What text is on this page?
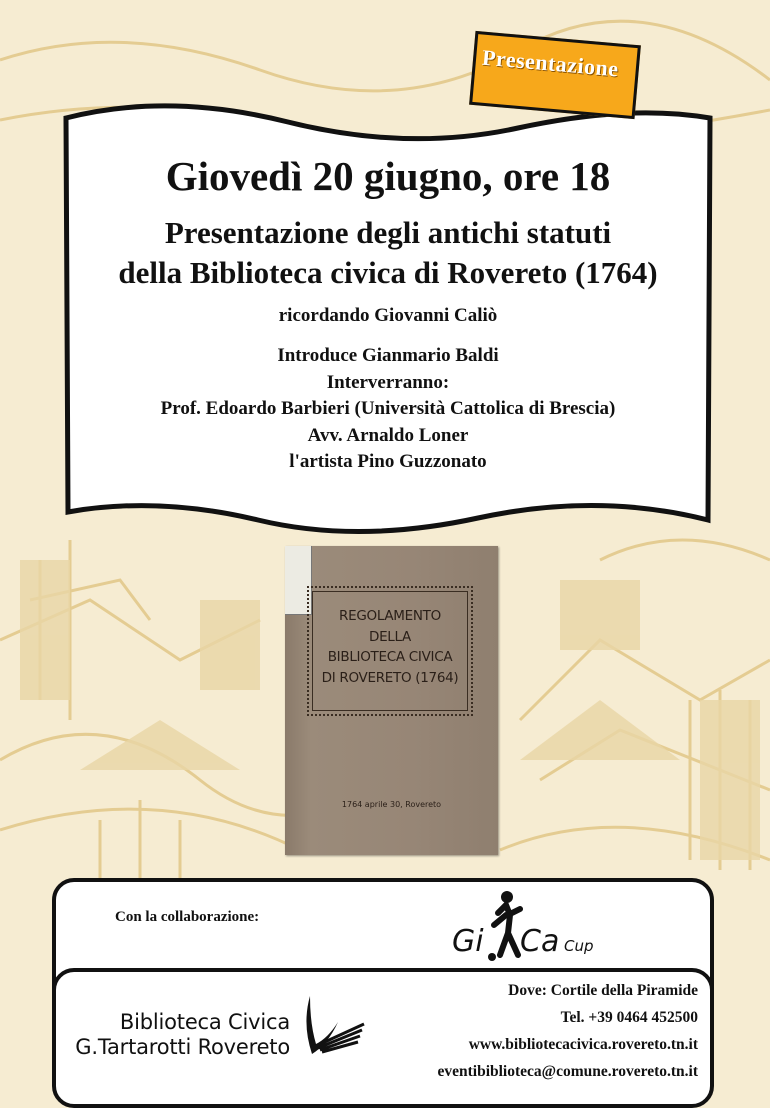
Presentazione
Giovedì 20 giugno, ore 18
Presentazione degli antichi statuti
della Biblioteca civica di Rovereto (1764)
ricordando Giovanni Caliò
Introduce Gianmario Baldi
Interverranno:
Prof. Edoardo Barbieri (Università Cattolica di Brescia)
Avv. Arnaldo Loner
l'artista Pino Guzzonato
REGOLAMENTO
DELLA
BIBLIOTECA CIVICA
DI ROVERETO (1764)
1764 aprile 30, Rovereto
Con la collaborazione:
Gi Ca Cup
Biblioteca Civica
G.Tartarotti Rovereto
Dove: Cortile della Piramide
Tel. +39 0464 452500
www.bibliotecacivica.rovereto.tn.it
eventibiblioteca@comune.rovereto.tn.it
